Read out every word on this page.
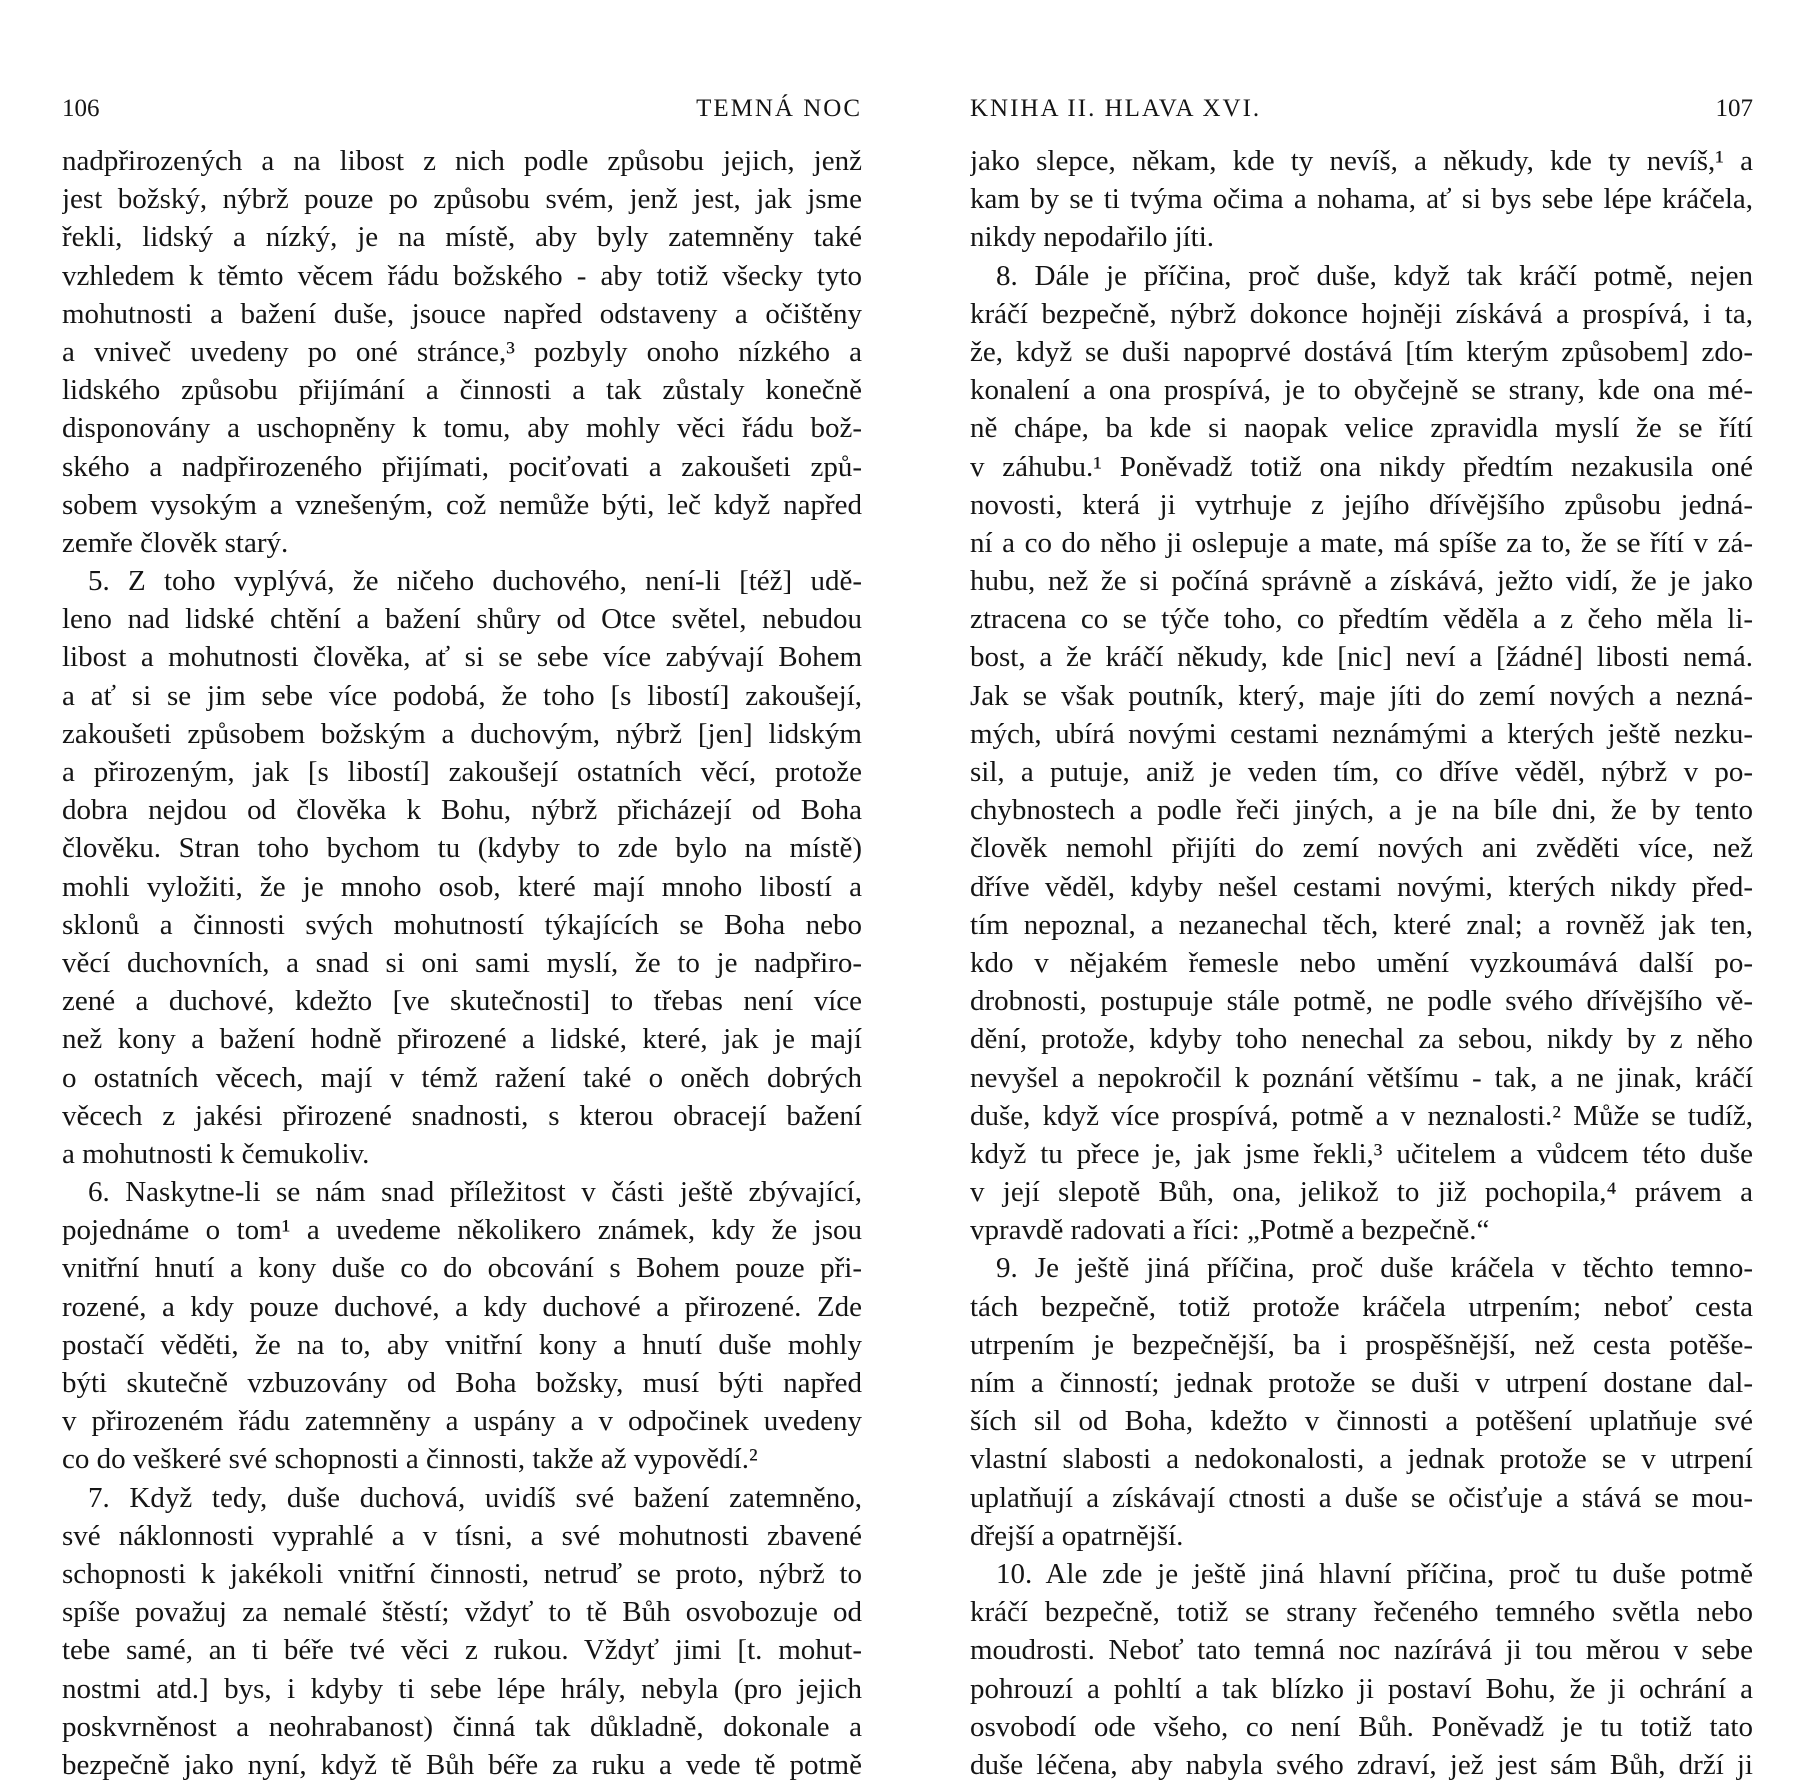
106	TEMNÁ NOC
nadpřirozených a na libost z nich podle způsobu jejich, jenž
jest božský, nýbrž pouze po způsobu svém, jenž jest, jak jsme
řekli, lidský a nízký, je na místě, aby byly zatemněny také
vzhledem k těmto věcem řádu božského - aby totiž všecky tyto
mohutnosti a bažení duše, jsouce napřed odstaveny a očištěny
a vniveč uvedeny po oné stránce,³ pozbyly onoho nízkého a
lidského způsobu přijímání a činnosti a tak zůstaly konečně
disponovány a uschopněny k tomu, aby mohly věci řádu bož-
ského a nadpřirozeného přijímati, pociťovati a zakoušeti způ-
sobem vysokým a vznešeným, což nemůže býti, leč když napřed
zemře člověk starý.
5. Z toho vyplývá, že ničeho duchového, není-li [též] udě-
leno nad lidské chtění a bažení shůry od Otce světel, nebudou
libost a mohutnosti člověka, ať si se sebe více zabývají Bohem
a ať si se jim sebe více podobá, že toho [s libostí] zakoušejí,
zakoušeti způsobem božským a duchovým, nýbrž [jen] lidským
a přirozeným, jak [s libostí] zakoušejí ostatních věcí, protože
dobra nejdou od člověka k Bohu, nýbrž přicházejí od Boha
člověku. Stran toho bychom tu (kdyby to zde bylo na místě)
mohli vyložiti, že je mnoho osob, které mají mnoho libostí a
sklonů a činnosti svých mohutností týkajících se Boha nebo
věcí duchovních, a snad si oni sami myslí, že to je nadpřiro-
zené a duchové, kdežto [ve skutečnosti] to třebas není více
než kony a bažení hodně přirozené a lidské, které, jak je mají
o ostatních věcech, mají v témž ražení také o oněch dobrých
věcech z jakési přirozené snadnosti, s kterou obracejí bažení
a mohutnosti k čemukoliv.
6. Naskytne-li se nám snad příležitost v části ještě zbývající,
pojednáme o tom¹ a uvedeme několikero známek, kdy že jsou
vnitřní hnutí a kony duše co do obcování s Bohem pouze při-
rozené, a kdy pouze duchové, a kdy duchové a přirozené. Zde
postačí věděti, že na to, aby vnitřní kony a hnutí duše mohly
býti skutečně vzbuzovány od Boha božsky, musí býti napřed
v přirozeném řádu zatemněny a uspány a v odpočinek uvedeny
co do veškeré své schopnosti a činnosti, takže až vypovědí.²
7. Když tedy, duše duchová, uvidíš své bažení zatemněno,
své náklonnosti vyprahlé a v tísni, a své mohutnosti zbavené
schopnosti k jakékoli vnitřní činnosti, netruď se proto, nýbrž to
spíše považuj za nemalé štěstí; vždyť to tě Bůh osvobozuje od
tebe samé, an ti béře tvé věci z rukou. Vždyť jimi [t. mohut-
nostmi atd.] bys, i kdyby ti sebe lépe hrály, nebyla (pro jejich
poskvrněnost a neohrabanost) činná tak důkladně, dokonale a
bezpečně jako nyní, když tě Bůh béře za ruku a vede tě potmě
KNIHA II. HLAVA XVI.	107
jako slepce, někam, kde ty nevíš, a někudy, kde ty nevíš,¹ a
kam by se ti tvýma očima a nohama, ať si bys sebe lépe kráčela,
nikdy nepodařilo jíti.
8. Dále je příčina, proč duše, když tak kráčí potmě, nejen
kráčí bezpečně, nýbrž dokonce hojněji získává a prospívá, i ta,
že, když se duši napoprvé dostává [tím kterým způsobem] zdo-
konalení a ona prospívá, je to obyčejně se strany, kde ona mé-
ně chápe, ba kde si naopak velice zpravidla myslí že se řítí
v záhubu.¹ Poněvadž totiž ona nikdy předtím nezakusila oné
novosti, která ji vytrhuje z jejího dřívějšího způsobu jedná-
ní a co do něho ji oslepuje a mate, má spíše za to, že se řítí v zá-
hubu, než že si počíná správně a získává, ježto vidí, že je jako
ztracena co se týče toho, co předtím věděla a z čeho měla li-
bost, a že kráčí někudy, kde [nic] neví a [žádné] libosti nemá.
Jak se však poutník, který, maje jíti do zemí nových a nezná-
mých, ubírá novými cestami neznámými a kterých ještě nezku-
sil, a putuje, aniž je veden tím, co dříve věděl, nýbrž v po-
chybnostech a podle řeči jiných, a je na bíle dni, že by tento
člověk nemohl přijíti do zemí nových ani zvěděti více, než
dříve věděl, kdyby nešel cestami novými, kterých nikdy před-
tím nepoznal, a nezanechal těch, které znal; a rovněž jak ten,
kdo v nějakém řemesle nebo umění vyzkoumává další po-
drobnosti, postupuje stále potmě, ne podle svého dřívějšího vě-
dění, protože, kdyby toho nenechal za sebou, nikdy by z něho
nevyšel a nepokročil k poznání většímu - tak, a ne jinak, kráčí
duše, když více prospívá, potmě a v neznalosti.² Může se tudíž,
když tu přece je, jak jsme řekli,³ učitelem a vůdcem této duše
v její slepotě Bůh, ona, jelikož to již pochopila,⁴ právem a
vpravdě radovati a říci: „Potmě a bezpečně.“
9. Je ještě jiná příčina, proč duše kráčela v těchto temno-
tách bezpečně, totiž protože kráčela utrpením; neboť cesta
utrpením je bezpečnější, ba i prospěšnější, než cesta potěše-
ním a činností; jednak protože se duši v utrpení dostane dal-
ších sil od Boha, kdežto v činnosti a potěšení uplatňuje své
vlastní slabosti a nedokonalosti, a jednak protože se v utrpení
uplatňují a získávají ctnosti a duše se očisťuje a stává se mou-
dřejší a opatrnější.
10. Ale zde je ještě jiná hlavní příčina, proč tu duše potmě
kráčí bezpečně, totiž se strany řečeného temného světla nebo
moudrosti. Neboť tato temná noc nazírává ji tou měrou v sebe
pohrouzí a pohltí a tak blízko ji postaví Bohu, že ji ochrání a
osvobodí ode všeho, co není Bůh. Poněvadž je tu totiž tato
duše léčena, aby nabyla svého zdraví, jež jest sám Bůh, drží ji
